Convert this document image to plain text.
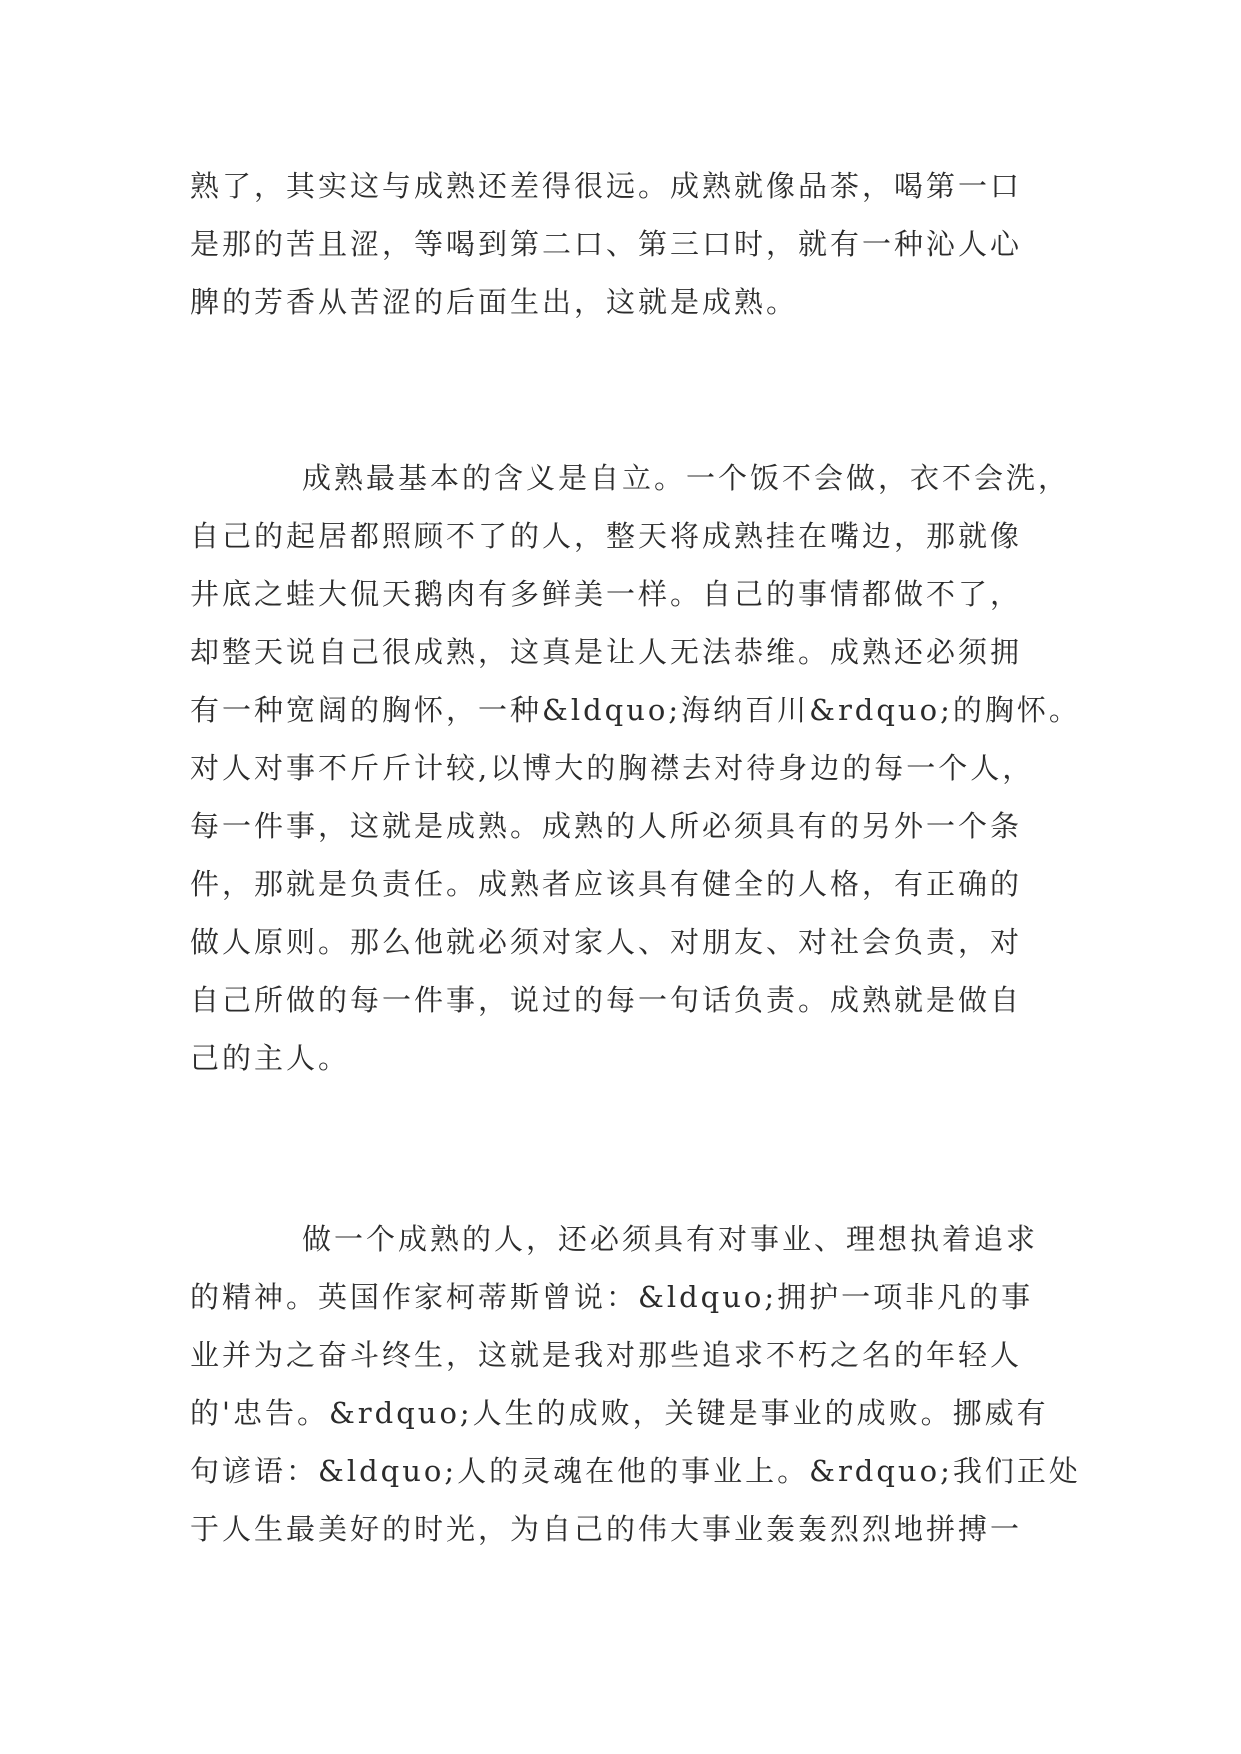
熟了，其实这与成熟还差得很远。成熟就像品茶，喝第一口
是那的苦且涩，等喝到第二口、第三口时，就有一种沁人心
脾的芳香从苦涩的后面生出，这就是成熟。
成熟最基本的含义是自立。一个饭不会做，衣不会洗，
自己的起居都照顾不了的人，整天将成熟挂在嘴边，那就像
井底之蛙大侃天鹅肉有多鲜美一样。自己的事情都做不了，
却整天说自己很成熟，这真是让人无法恭维。成熟还必须拥
有一种宽阔的胸怀，一种&ldquo;海纳百川&rdquo;的胸怀。
对人对事不斤斤计较,以博大的胸襟去对待身边的每一个人，
每一件事，这就是成熟。成熟的人所必须具有的另外一个条
件，那就是负责任。成熟者应该具有健全的人格，有正确的
做人原则。那么他就必须对家人、对朋友、对社会负责，对
自己所做的每一件事，说过的每一句话负责。成熟就是做自
己的主人。
做一个成熟的人，还必须具有对事业、理想执着追求
的精神。英国作家柯蒂斯曾说：&ldquo;拥护一项非凡的事
业并为之奋斗终生，这就是我对那些追求不朽之名的年轻人
的'忠告。&rdquo;人生的成败，关键是事业的成败。挪威有
句谚语：&ldquo;人的灵魂在他的事业上。&rdquo;我们正处
于人生最美好的时光，为自己的伟大事业轰轰烈烈地拼搏一
